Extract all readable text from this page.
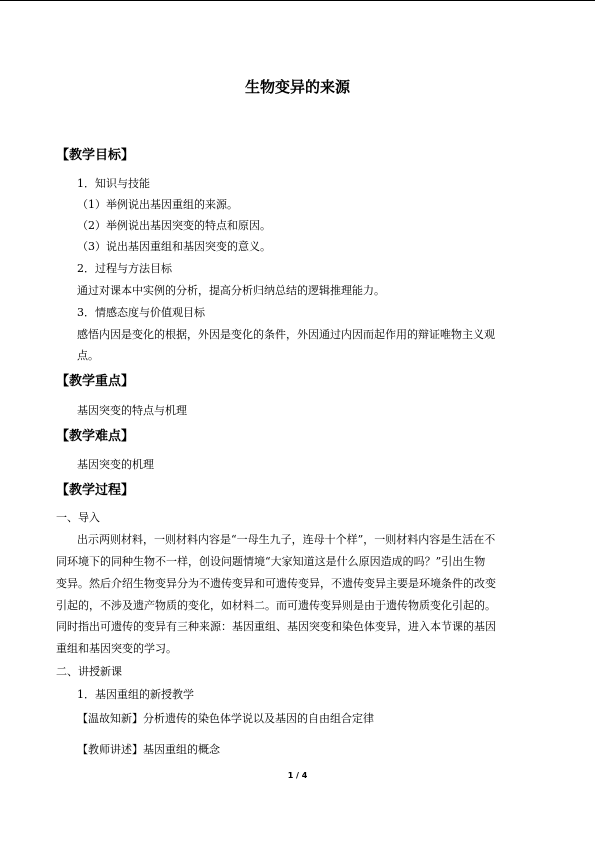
生物变异的来源
【教学目标】
1．知识与技能
（1）举例说出基因重组的来源。
（2）举例说出基因突变的特点和原因。
（3）说出基因重组和基因突变的意义。
2．过程与方法目标
通过对课本中实例的分析，提高分析归纳总结的逻辑推理能力。
3．情感态度与价值观目标
感悟内因是变化的根据，外因是变化的条件，外因通过内因而起作用的辩证唯物主义观
点。
【教学重点】
基因突变的特点与机理
【教学难点】
基因突变的机理
【教学过程】
一、导入
出示两则材料，一则材料内容是“一母生九子，连母十个样”，一则材料内容是生活在不
同环境下的同种生物不一样，创设问题情境“大家知道这是什么原因造成的吗？”引出生物
变异。然后介绍生物变异分为不遗传变异和可遗传变异，不遗传变异主要是环境条件的改变
引起的，不涉及遗产物质的变化，如材料二。而可遗传变异则是由于遗传物质变化引起的。
同时指出可遗传的变异有三种来源：基因重组、基因突变和染色体变异，进入本节课的基因
重组和基因突变的学习。
二、讲授新课
1．基因重组的新授教学
【温故知新】分析遗传的染色体学说以及基因的自由组合定律
【教师讲述】基因重组的概念
1 / 4
